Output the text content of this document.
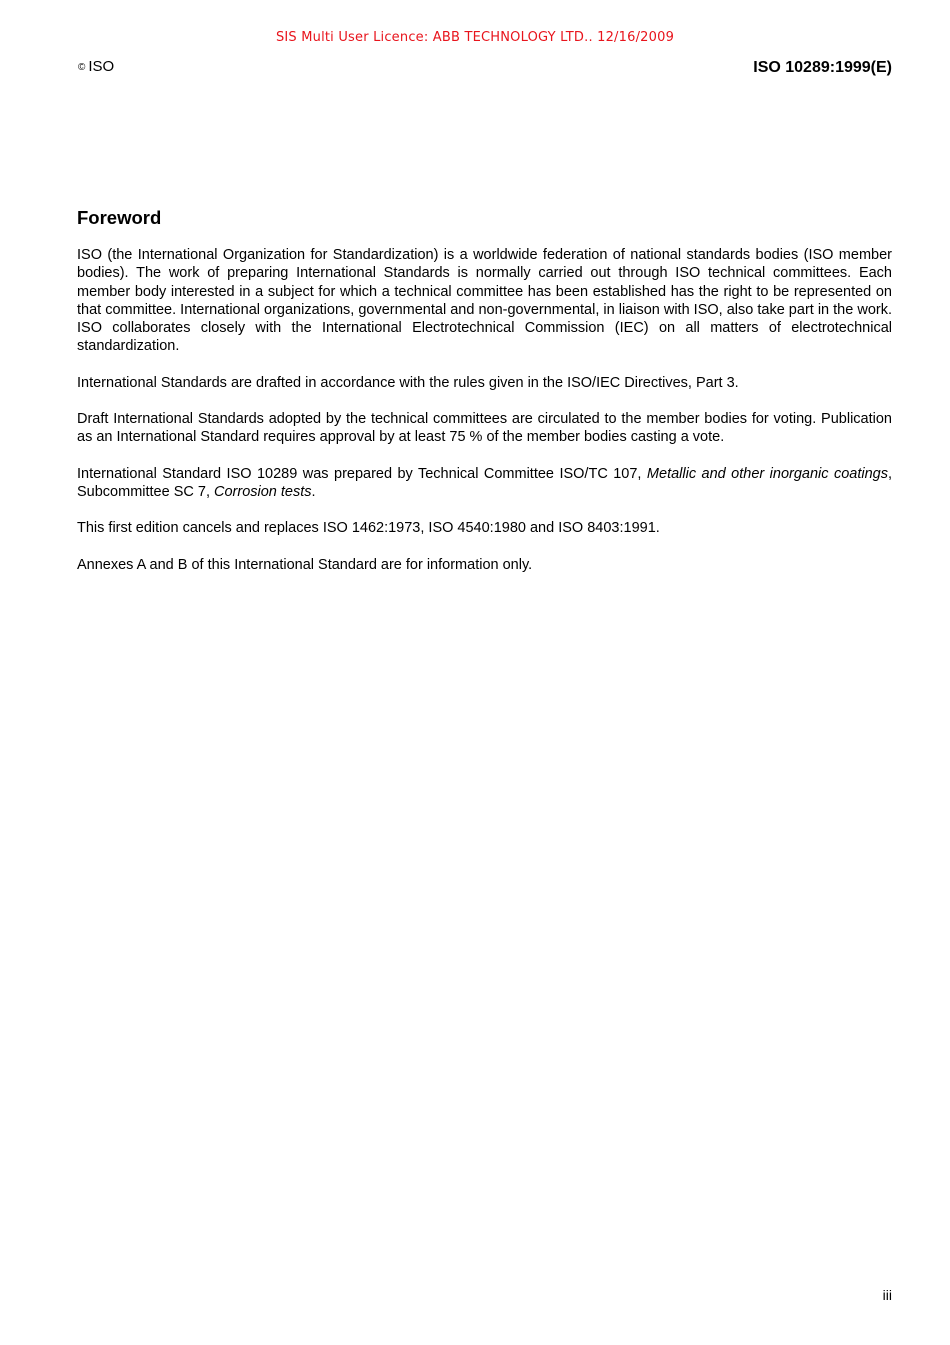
SIS Multi User Licence: ABB TECHNOLOGY LTD.. 12/16/2009
© ISO	ISO 10289:1999(E)
Foreword

ISO (the International Organization for Standardization) is a worldwide federation of national standards bodies (ISO member bodies). The work of preparing International Standards is normally carried out through ISO technical committees. Each member body interested in a subject for which a technical committee has been established has the right to be represented on that committee. International organizations, governmental and non-governmental, in liaison with ISO, also take part in the work. ISO collaborates closely with the International Electrotechnical Commission (IEC) on all matters of electrotechnical standardization.

International Standards are drafted in accordance with the rules given in the ISO/IEC Directives, Part 3.

Draft International Standards adopted by the technical committees are circulated to the member bodies for voting. Publication as an International Standard requires approval by at least 75 % of the member bodies casting a vote.

International Standard ISO 10289 was prepared by Technical Committee ISO/TC 107, Metallic and other inorganic coatings, Subcommittee SC 7, Corrosion tests.

This first edition cancels and replaces ISO 1462:1973, ISO 4540:1980 and ISO 8403:1991.

Annexes A and B of this International Standard are for information only.

iii
